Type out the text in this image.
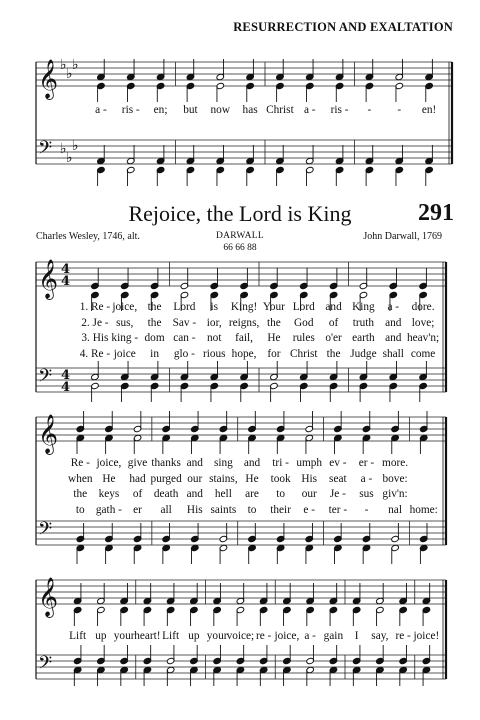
RESURRECTION AND EXALTATION
Rejoice, the Lord is King	291
Charles Wesley, 1746, alt.	DARWALL
66 66 88
John Darwall, 1769
𝄞 ♭
♭
♭
𝄢 ♭
♭
♭
a - ris - en; but now has Christ a - ris - - - en!
𝄞 4
4
𝄢 4
4
1. Re - joice, the Lord is King! Your Lord and King a - dore.
2. Je - sus, the Sav - ior, reigns, the God of truth and love;
3. His king - dom can - not fail, He rules o'er earth and heav'n;
4. Re - joice in glo - rious hope, for Christ the Judge shall come
𝄞
𝄢
Re - joice, give thanks and sing and tri - umph ev - er - more.
when He had purged our stains, He took His seat a - bove:
the keys of death and hell are to our Je - sus giv'n:
to gath - er all His saints to their e - ter - - nal home:
𝄞
𝄢
Lift up your heart! Lift up your voice; re - joice, a - gain I say, re - joice!
